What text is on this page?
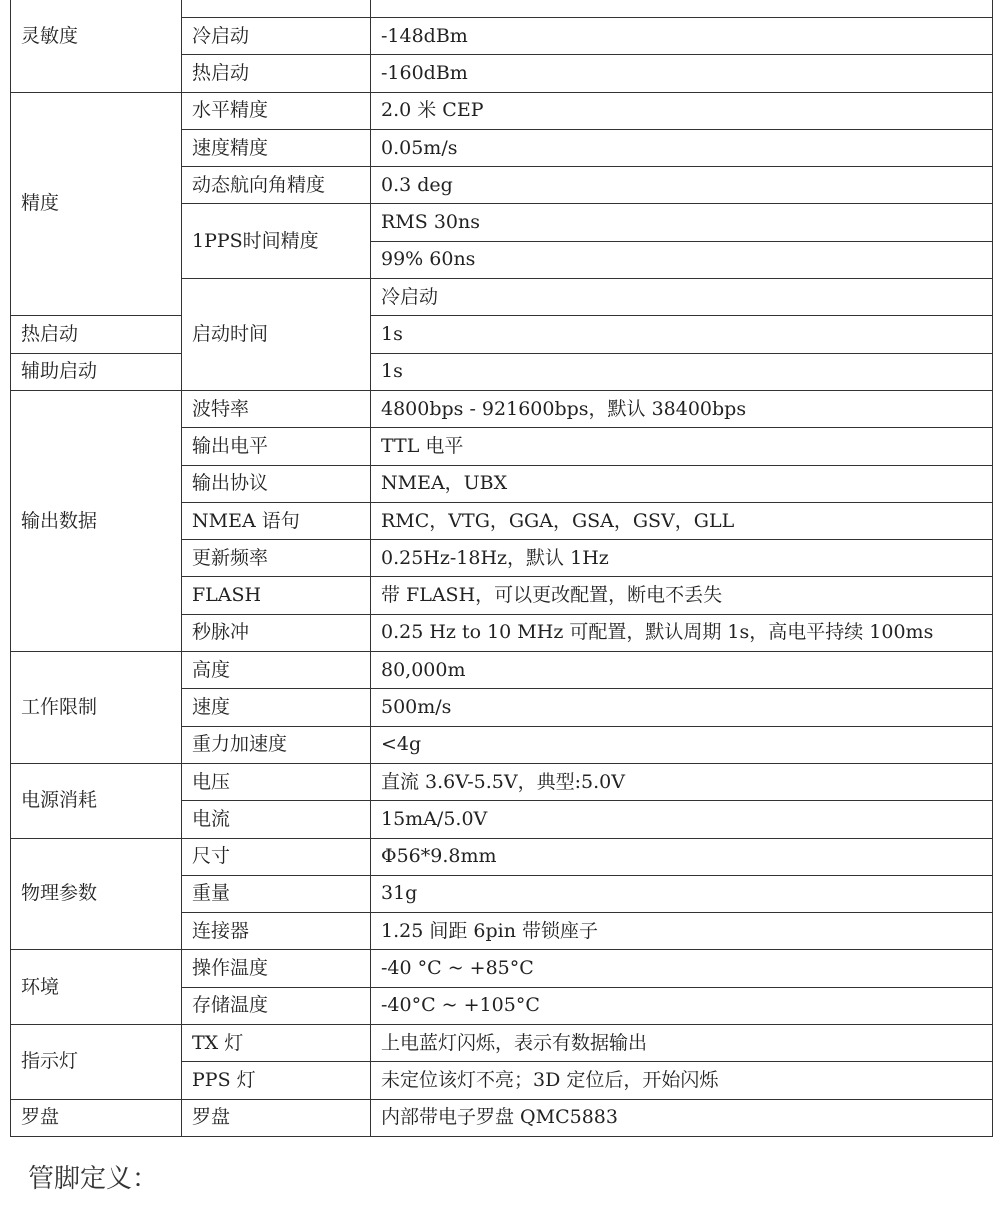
灵敏度			
	冷启动	-148dBm	
	热启动	-160dBm	
精度	水平精度	2.0 米 CEP	
	速度精度	0.05m/s	
	动态航向角精度	0.3 deg	
	1PPS时间精度	RMS 30ns	
		99% 60ns	
	启动时间	冷启动	
热启动		1s	
辅助启动		1s	
输出数据	波特率	4800bps - 921600bps，默认 38400bps	
	输出电平	TTL 电平	
	输出协议	NMEA，UBX	
	NMEA 语句	RMC，VTG，GGA，GSA，GSV，GLL	
	更新频率	0.25Hz-18Hz，默认 1Hz	
	FLASH	带 FLASH，可以更改配置，断电不丢失	
	秒脉冲	0.25 Hz to 10 MHz 可配置，默认周期 1s，高电平持续 100ms	
工作限制	高度	80,000m	
	速度	500m/s	
	重力加速度	<4g	
电源消耗	电压	直流 3.6V-5.5V，典型:5.0V	
	电流	15mA/5.0V	
物理参数	尺寸	Φ56*9.8mm	
	重量	31g	
	连接器	1.25 间距 6pin 带锁座子	
环境	操作温度	-40 °C ~ +85°C	
	存储温度	-40°C ~ +105°C	
指示灯	TX 灯	上电蓝灯闪烁，表示有数据输出	
	PPS 灯	未定位该灯不亮；3D 定位后，开始闪烁	
罗盘	罗盘	内部带电子罗盘 QMC5883	
管脚定义：
